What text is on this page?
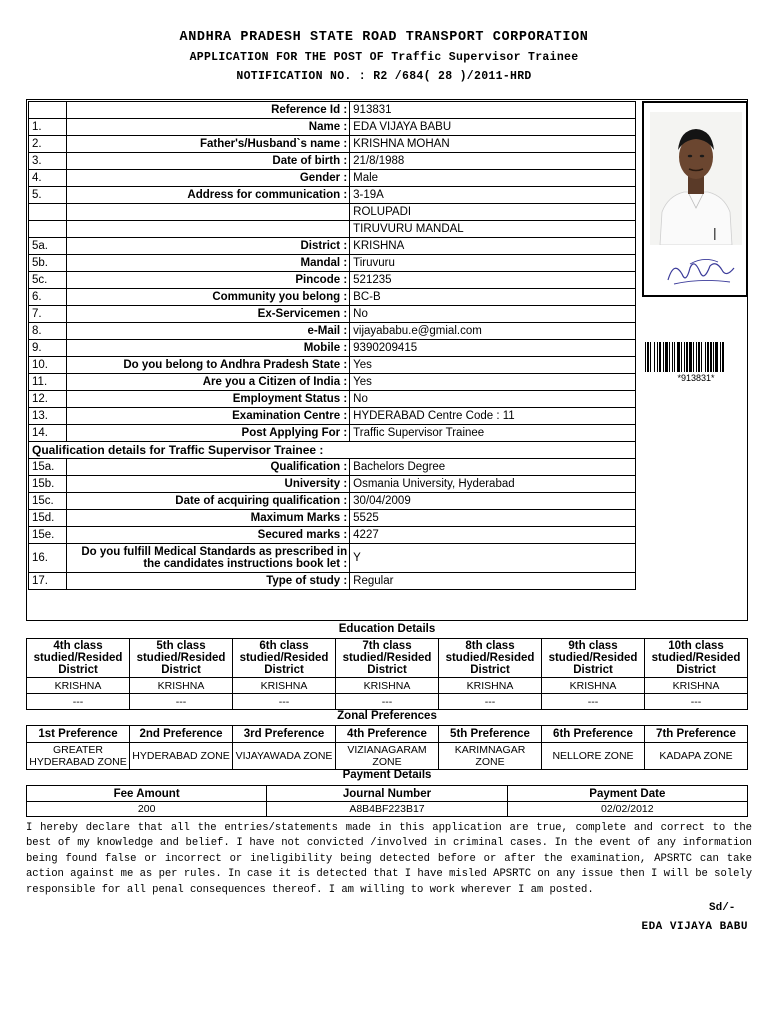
ANDHRA PRADESH STATE ROAD TRANSPORT CORPORATION
APPLICATION FOR THE POST OF Traffic Supervisor Trainee
NOTIFICATION NO. : R2 /684( 28 )/2011-HRD
	Reference Id :	913831
1.	Name :	EDA VIJAYA BABU
2.	Father's/Husband`s name :	KRISHNA MOHAN
3.	Date of birth :	21/8/1988
4.	Gender :	Male
5.	Address for communication :	3-19A
		ROLUPADI
		TIRUVURU MANDAL
5a.	District :	KRISHNA
5b.	Mandal :	Tiruvuru
5c.	Pincode :	521235
6.	Community you belong :	BC-B
7.	Ex-Servicemen :	No
8.	e-Mail :	vijayababu.e@gmial.com
9.	Mobile :	9390209415
10.	Do you belong to Andhra Pradesh State :	Yes
11.	Are you a Citizen of India :	Yes
12.	Employment Status :	No
13.	Examination Centre :	HYDERABAD Centre Code : 11
14.	Post Applying For :	Traffic Supervisor Trainee
Qualification details for Traffic Supervisor Trainee :		
15a.	Qualification :	Bachelors Degree
15b.	University :	Osmania University, Hyderabad
15c.	Date of acquiring qualification :	30/04/2009
15d.	Maximum Marks :	5525
15e.	Secured marks :	4227
16.	Do you fulfill Medical Standards as prescribed in the candidates instructions book let :	Y
17.	Type of study :	Regular
*913831*
Education Details
4th class studied/Resided District	5th class studied/Resided District	6th class studied/Resided District	7th class studied/Resided District	8th class studied/Resided District	9th class studied/Resided District	10th class studied/Resided District
KRISHNA	KRISHNA	KRISHNA	KRISHNA	KRISHNA	KRISHNA	KRISHNA
---	---	---	---	---	---	---
Zonal Preferences
1st Preference	2nd Preference	3rd Preference	4th Preference	5th Preference	6th Preference	7th Preference
GREATER HYDERABAD ZONE	HYDERABAD ZONE	VIJAYAWADA ZONE	VIZIANAGARAM ZONE	KARIMNAGAR ZONE	NELLORE ZONE	KADAPA ZONE
Payment Details
Fee Amount	Journal Number	Payment Date
200	A8B4BF223B17	02/02/2012
I hereby declare that all the entries/statements made in this application are true, complete and correct to the best of my knowledge and belief. I have not convicted /involved in criminal cases. In the event of any information being found false or incorrect or ineligibility being detected before or after the examination, APSRTC can take action against me as per rules. In case it is detected that I have misled APSRTC on any issue then I will be solely responsible for all penal consequences thereof. I am willing to work wherever I am posted.
Sd/-
EDA VIJAYA BABU
